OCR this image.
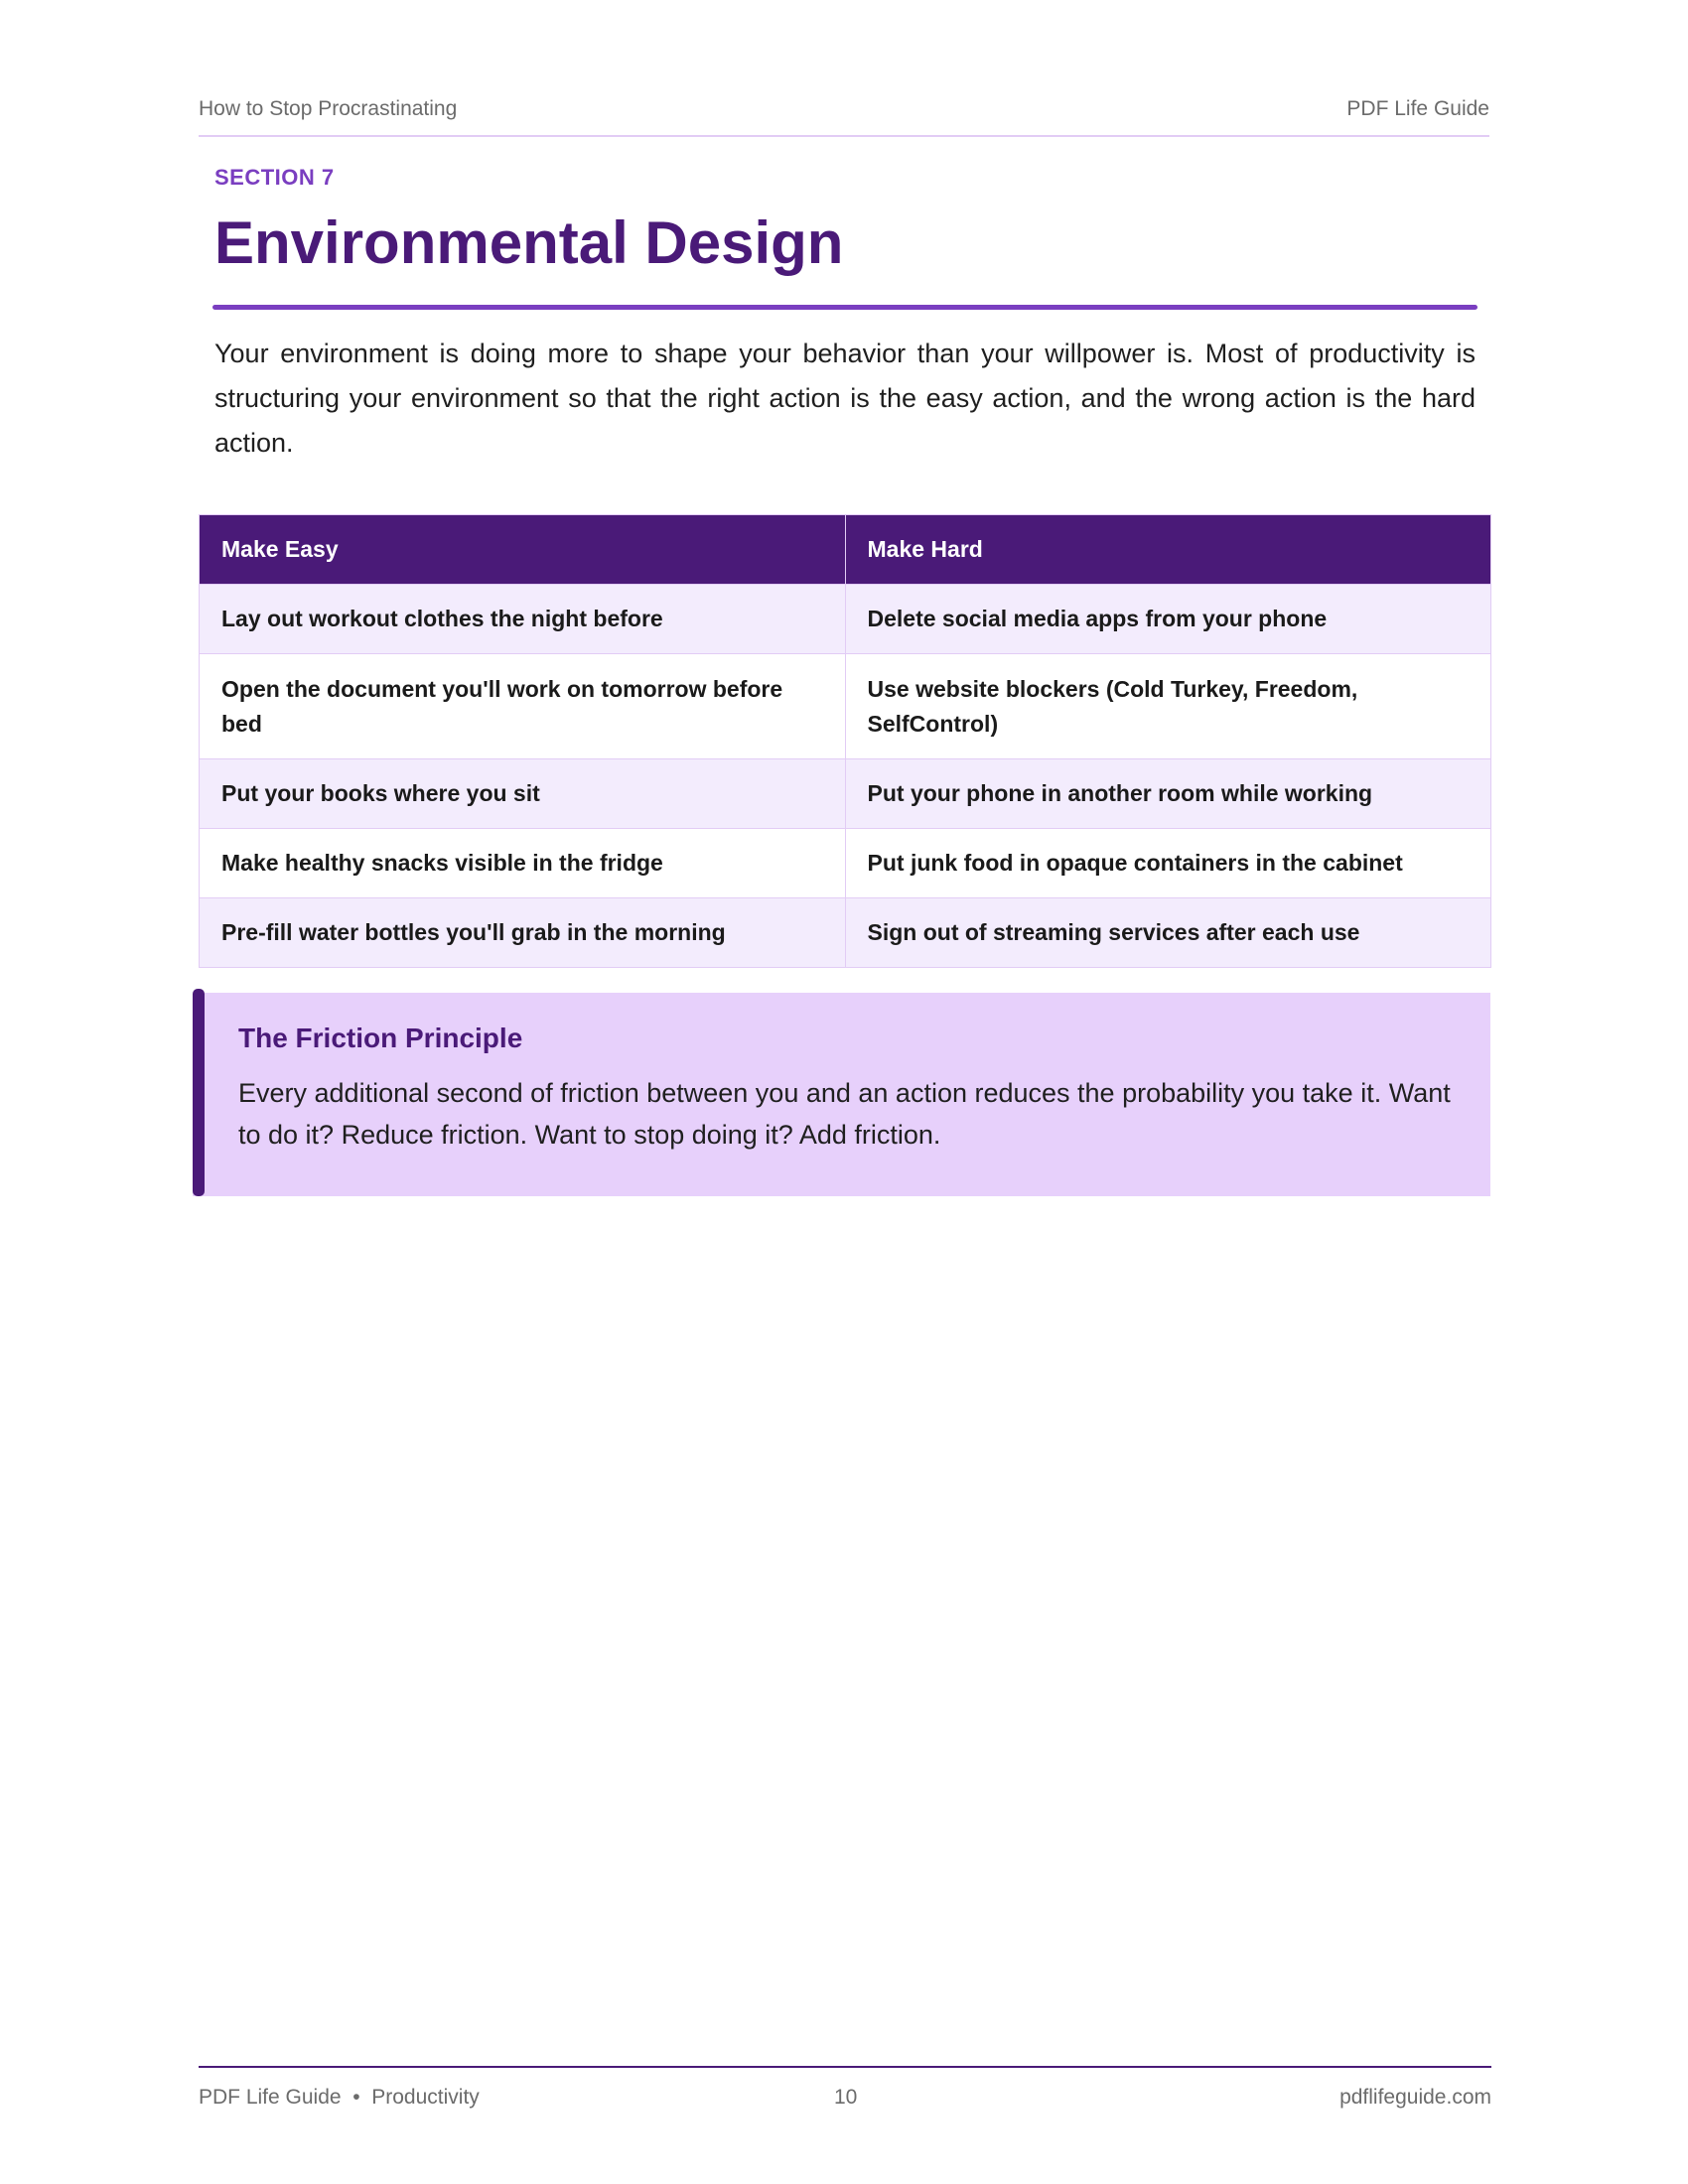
How to Stop Procrastinating	PDF Life Guide
SECTION 7
Environmental Design

Your environment is doing more to shape your behavior than your willpower is. Most of productivity is structuring your environment so that the right action is the easy action, and the wrong action is the hard action.

Make Easy	Make Hard
Lay out workout clothes the night before	Delete social media apps from your phone
Open the document you'll work on tomorrow before bed	Use website blockers (Cold Turkey, Freedom, SelfControl)
Put your books where you sit	Put your phone in another room while working
Make healthy snacks visible in the fridge	Put junk food in opaque containers in the cabinet
Pre-fill water bottles you'll grab in the morning	Sign out of streaming services after each use
The Friction Principle

Every additional second of friction between you and an action reduces the probability you take it. Want to do it? Reduce friction. Want to stop doing it? Add friction.

PDF Life Guide  •  Productivity	10	pdflifeguide.com
